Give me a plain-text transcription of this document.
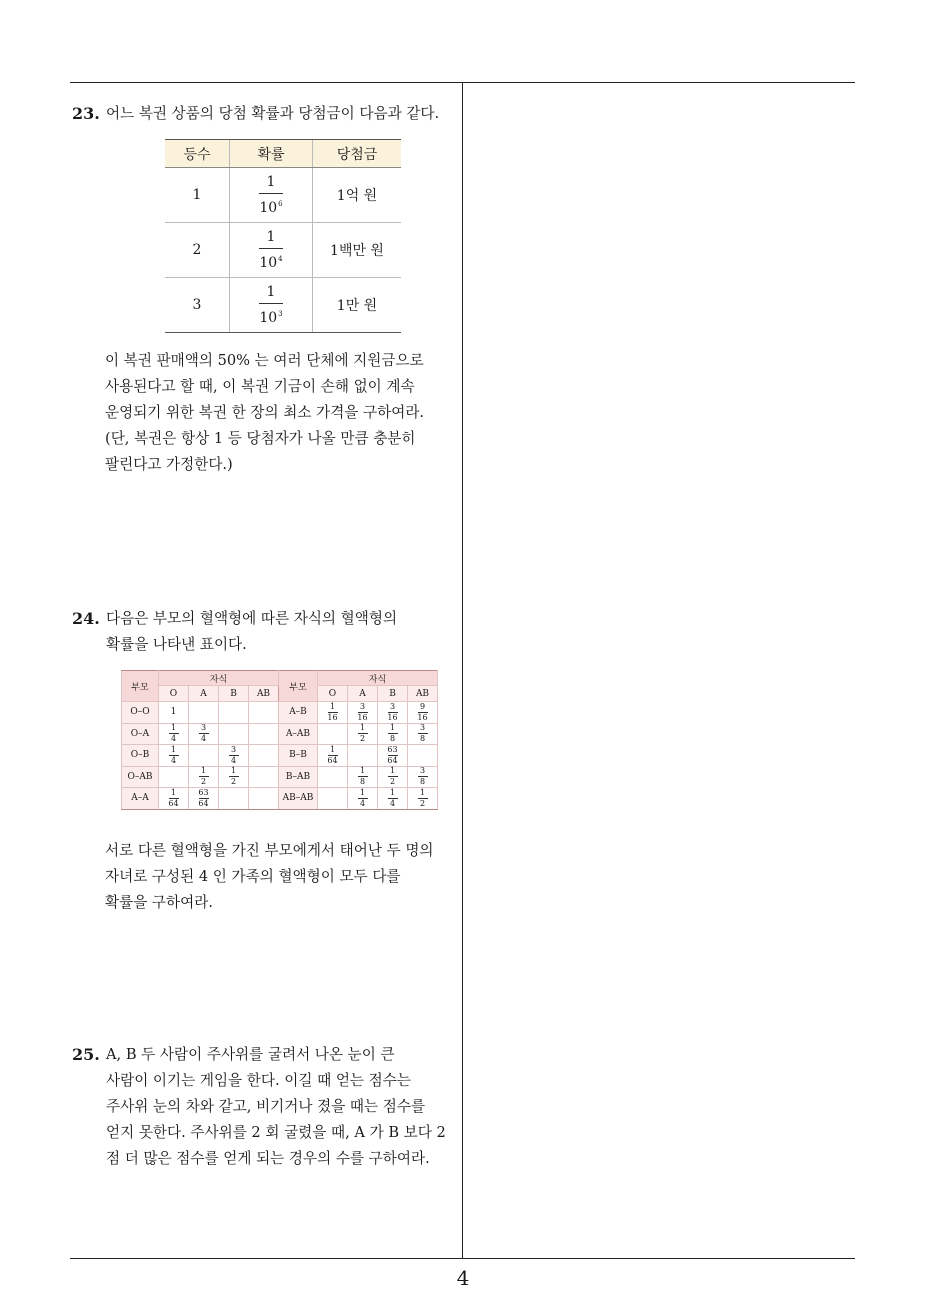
23. 어느 복권 상품의 당첨 확률과 당첨금이 다음과 같다.
등수	확률	당첨금
1	$\frac{1}{10^6}$	1억 원
2	$\frac{1}{10^4}$	1백만 원
3	$\frac{1}{10^3}$	1만 원
이 복권 판매액의 50% 는 여러 단체에 지원금으로
사용된다고 할 때, 이 복권 기금이 손해 없이 계속
운영되기 위한 복권 한 장의 최소 가격을 구하여라.
(단, 복권은 항상 1 등 당첨자가 나올 만큼 충분히
팔린다고 가정한다.)
24. 다음은 부모의 혈액형에 따른 자식의 혈액형의
확률을 나타낸 표이다.
부모	자식				부모	자식			
	O	A	B	AB		O	A	B	AB
O–O	1				A–B	$\frac{1}{16}$	$\frac{3}{16}$	$\frac{3}{16}$	$\frac{9}{16}$

O–A	$\frac{1}{4}$	$\frac{3}{4}$			A–AB		$\frac{1}{2}$	$\frac{1}{8}$	$\frac{3}{8}$

O–B	$\frac{1}{4}$		$\frac{3}{4}$		B–B	$\frac{1}{64}$		$\frac{63}{64}$

O–AB		$\frac{1}{2}$	$\frac{1}{2}$		B–AB		$\frac{1}{8}$	$\frac{1}{2}$	$\frac{3}{8}$

A–A	$\frac{1}{64}$	$\frac{63}{64}$			AB–AB		$\frac{1}{4}$	$\frac{1}{4}$	$\frac{1}{2}$
서로 다른 혈액형을 가진 부모에게서 태어난 두 명의
자녀로 구성된 4 인 가족의 혈액형이 모두 다를
확률을 구하여라.
25. A, B 두 사람이 주사위를 굴려서 나온 눈이 큰
사람이 이기는 게임을 한다. 이길 때 얻는 점수는
주사위 눈의 차와 같고, 비기거나 졌을 때는 점수를
얻지 못한다. 주사위를 2 회 굴렸을 때, A 가 B 보다 2
점 더 많은 점수를 얻게 되는 경우의 수를 구하여라.
4
